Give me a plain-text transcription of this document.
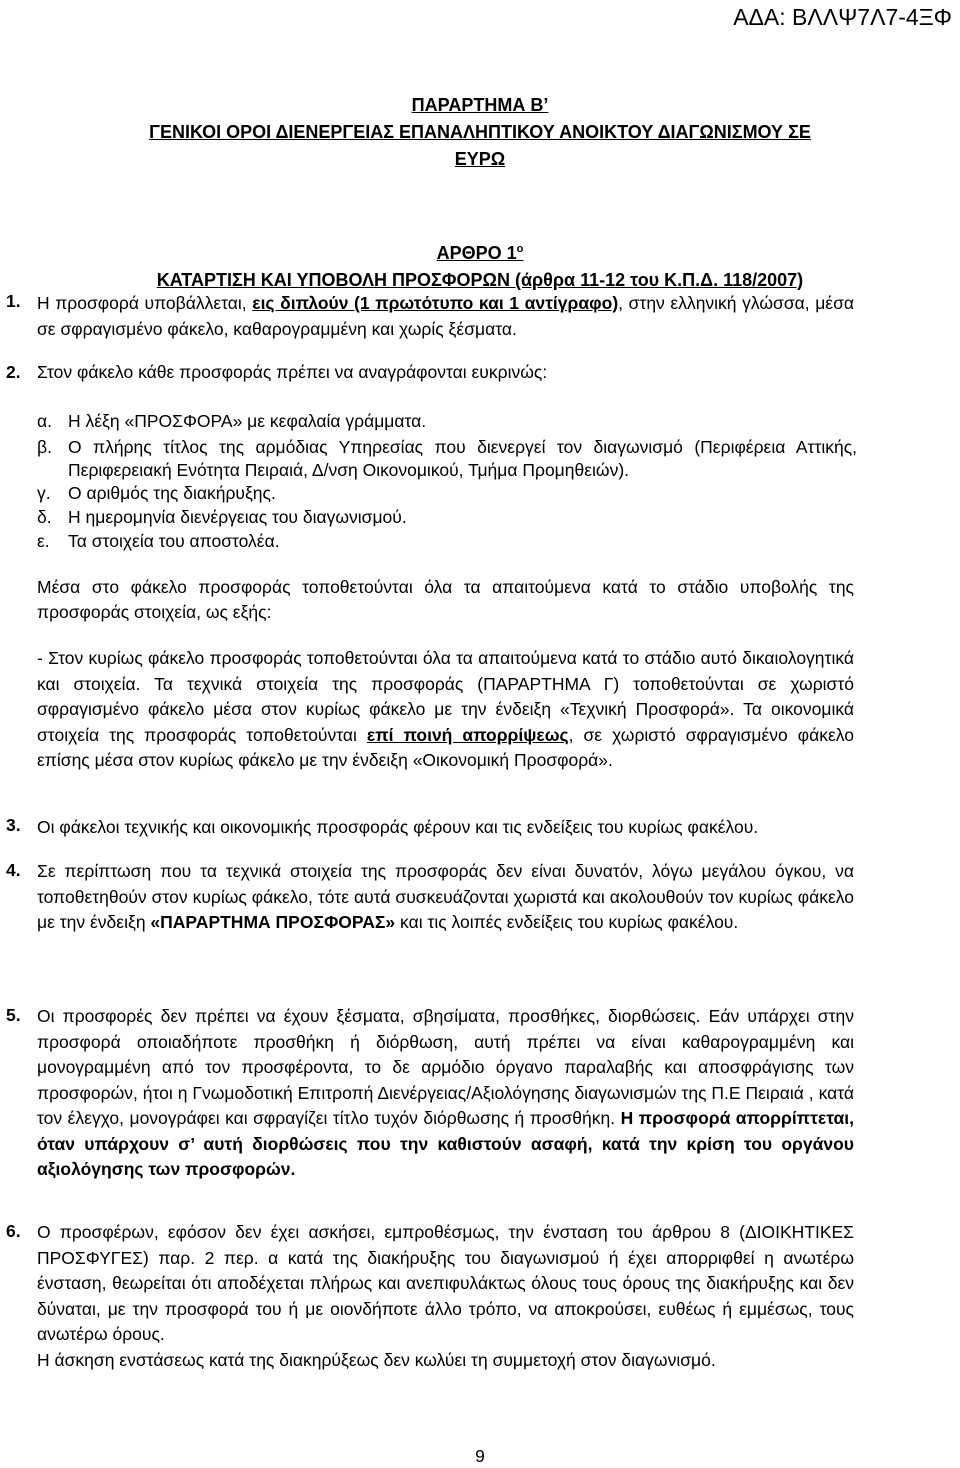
ΑΔΑ: ΒΛΛΨ7Λ7-4ΞΦ
ΠΑΡΑΡΤΗΜΑ Β’
ΓΕΝΙΚΟΙ ΟΡΟΙ ΔΙΕΝΕΡΓΕΙΑΣ ΕΠΑΝΑΛΗΠΤΙΚΟΥ ΑΝΟΙΚΤΟΥ ΔΙΑΓΩΝΙΣΜΟΥ ΣΕ
ΕΥΡΩ
ΑΡΘΡΟ $1^o$
ΚΑΤΑΡΤΙΣΗ ΚΑΙ ΥΠΟΒΟΛΗ ΠΡΟΣΦΟΡΩΝ (άρθρα 11-12 του Κ.Π.Δ. 118/2007)
1. Η προσφορά υποβάλλεται, εις διπλούν (1 πρωτότυπο και 1 αντίγραφο), στην ελληνική γλώσσα, μέσα σε σφραγισμένο φάκελο, καθαρογραμμένη και χωρίς ξέσματα.
2. Στον φάκελο κάθε προσφοράς πρέπει να αναγράφονται ευκρινώς:
α. Η λέξη «ΠΡΟΣΦΟΡΑ» με κεφαλαία γράμματα.
β. Ο πλήρης τίτλος της αρμόδιας Υπηρεσίας που διενεργεί τον διαγωνισμό (Περιφέρεια Αττικής, Περιφερειακή Ενότητα Πειραιά, Δ/νση Οικονομικού, Τμήμα Προμηθειών).
γ. Ο αριθμός της διακήρυξης.
δ. Η ημερομηνία διενέργειας του διαγωνισμού.
ε. Τα στοιχεία του αποστολέα.
Μέσα στο φάκελο προσφοράς τοποθετούνται όλα τα απαιτούμενα κατά το στάδιο υποβολής της προσφοράς στοιχεία, ως εξής:
- Στον κυρίως φάκελο προσφοράς τοποθετούνται όλα τα απαιτούμενα κατά το στάδιο αυτό δικαιολογητικά και στοιχεία. Τα τεχνικά στοιχεία της προσφοράς (ΠΑΡΑΡΤΗΜΑ Γ) τοποθετούνται σε χωριστό σφραγισμένο φάκελο μέσα στον κυρίως φάκελο με την ένδειξη «Τεχνική Προσφορά». Τα οικονομικά στοιχεία της προσφοράς τοποθετούνται επί ποινή απορρίψεως, σε χωριστό σφραγισμένο φάκελο επίσης μέσα στον κυρίως φάκελο με την ένδειξη «Οικονομική Προσφορά».
3. Οι φάκελοι τεχνικής και οικονομικής προσφοράς φέρουν και τις ενδείξεις του κυρίως φακέλου.
4. Σε περίπτωση που τα τεχνικά στοιχεία της προσφοράς δεν είναι δυνατόν, λόγω μεγάλου όγκου, να τοποθετηθούν στον κυρίως φάκελο, τότε αυτά συσκευάζονται χωριστά και ακολουθούν τον κυρίως φάκελο με την ένδειξη «ΠΑΡΑΡΤΗΜΑ ΠΡΟΣΦΟΡΑΣ» και τις λοιπές ενδείξεις του κυρίως φακέλου.
5. Οι προσφορές δεν πρέπει να έχουν ξέσματα, σβησίματα, προσθήκες, διορθώσεις. Εάν υπάρχει στην προσφορά οποιαδήποτε προσθήκη ή διόρθωση, αυτή πρέπει να είναι καθαρογραμμένη και μονογραμμένη από τον προσφέροντα, το δε αρμόδιο όργανο παραλαβής και αποσφράγισης των προσφορών, ήτοι η Γνωμοδοτική Επιτροπή Διενέργειας/Αξιολόγησης διαγωνισμών της Π.Ε Πειραιά , κατά τον έλεγχο, μονογράφει και σφραγίζει τίτλο τυχόν διόρθωσης ή προσθήκη. Η προσφορά απορρίπτεται, όταν υπάρχουν σ’ αυτή διορθώσεις που την καθιστούν ασαφή, κατά την κρίση του οργάνου αξιολόγησης των προσφορών.
6. Ο προσφέρων, εφόσον δεν έχει ασκήσει, εμπροθέσμως, την ένσταση του άρθρου 8 (ΔΙΟΙΚΗΤΙΚΕΣ ΠΡΟΣΦΥΓΕΣ) παρ. 2 περ. α κατά της διακήρυξης του διαγωνισμού ή έχει απορριφθεί η ανωτέρω ένσταση, θεωρείται ότι αποδέχεται πλήρως και ανεπιφυλάκτως όλους τους όρους της διακήρυξης και δεν δύναται, με την προσφορά του ή με οιονδήποτε άλλο τρόπο, να αποκρούσει, ευθέως ή εμμέσως, τους ανωτέρω όρους.

Η άσκηση ενστάσεως κατά της διακηρύξεως δεν κωλύει τη συμμετοχή στον διαγωνισμό.

9
